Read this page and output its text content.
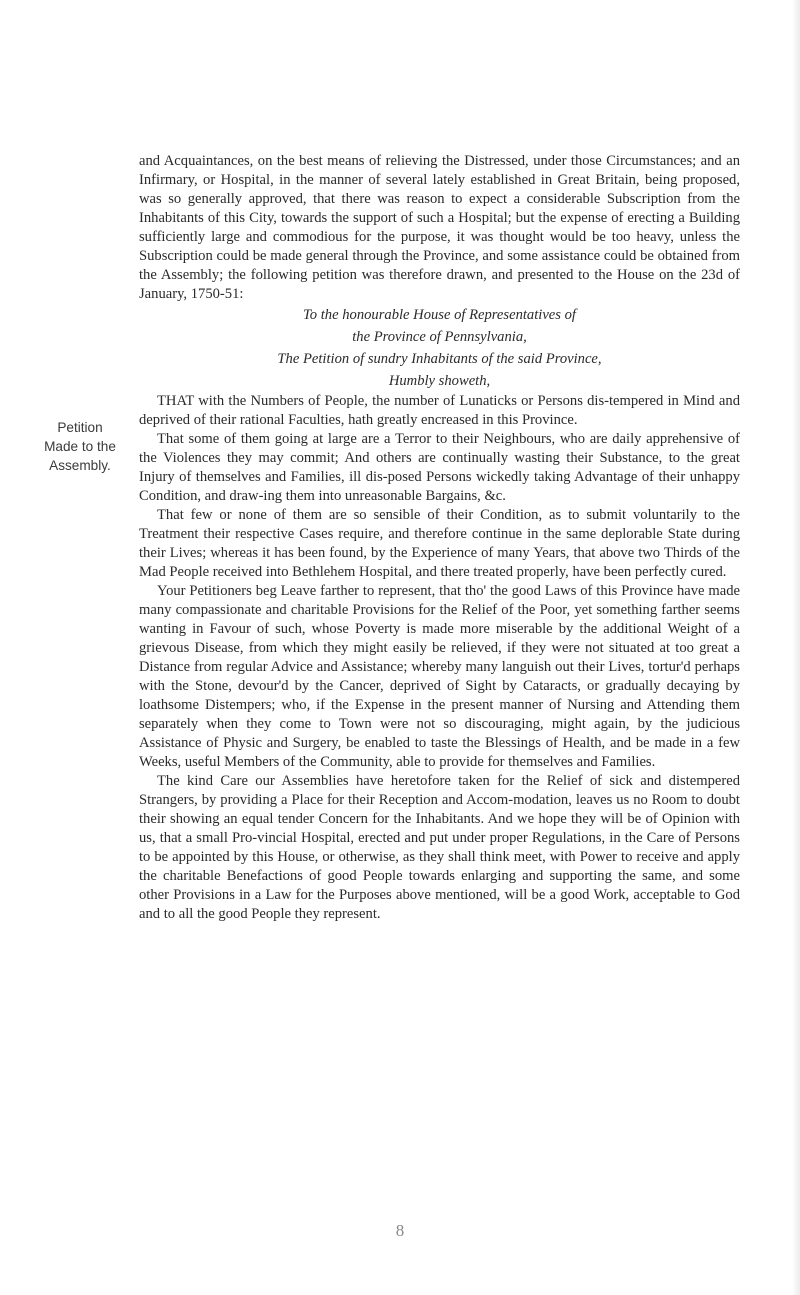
Petition
Made to the
Assembly.

and Acquaintances, on the best means of relieving the Distressed, under those Circumstances; and an Infirmary, or Hospital, in the manner of several lately established in Great Britain, being proposed, was so generally approved, that there was reason to expect a considerable Subscription from the Inhabitants of this City, towards the support of such a Hospital; but the expense of erecting a Building sufficiently large and commodious for the purpose, it was thought would be too heavy, unless the Subscription could be made general through the Province, and some assistance could be obtained from the Assembly; the following petition was therefore drawn, and presented to the House on the 23d of January, 1750-51:

To the honourable House of Representatives of
the Province of Pennsylvania,
The Petition of sundry Inhabitants of the said Province,
Humbly showeth,

THAT with the Numbers of People, the number of Lunaticks or Persons dis-tempered in Mind and deprived of their rational Faculties, hath greatly encreased in this Province.

That some of them going at large are a Terror to their Neighbours, who are daily apprehensive of the Violences they may commit; And others are continually wasting their Substance, to the great Injury of themselves and Families, ill dis-posed Persons wickedly taking Advantage of their unhappy Condition, and draw-ing them into unreasonable Bargains, &c.

That few or none of them are so sensible of their Condition, as to submit voluntarily to the Treatment their respective Cases require, and therefore continue in the same deplorable State during their Lives; whereas it has been found, by the Experience of many Years, that above two Thirds of the Mad People received into Bethlehem Hospital, and there treated properly, have been perfectly cured.

Your Petitioners beg Leave farther to represent, that tho' the good Laws of this Province have made many compassionate and charitable Provisions for the Relief of the Poor, yet something farther seems wanting in Favour of such, whose Poverty is made more miserable by the additional Weight of a grievous Disease, from which they might easily be relieved, if they were not situated at too great a Distance from regular Advice and Assistance; whereby many languish out their Lives, tortur'd perhaps with the Stone, devour'd by the Cancer, deprived of Sight by Cataracts, or gradually decaying by loathsome Distempers; who, if the Expense in the present manner of Nursing and Attending them separately when they come to Town were not so discouraging, might again, by the judicious Assistance of Physic and Surgery, be enabled to taste the Blessings of Health, and be made in a few Weeks, useful Members of the Community, able to provide for themselves and Families.

The kind Care our Assemblies have heretofore taken for the Relief of sick and distempered Strangers, by providing a Place for their Reception and Accom-modation, leaves us no Room to doubt their showing an equal tender Concern for the Inhabitants. And we hope they will be of Opinion with us, that a small Pro-vincial Hospital, erected and put under proper Regulations, in the Care of Persons to be appointed by this House, or otherwise, as they shall think meet, with Power to receive and apply the charitable Benefactions of good People towards enlarging and supporting the same, and some other Provisions in a Law for the Purposes above mentioned, will be a good Work, acceptable to God and to all the good People they represent.

8
